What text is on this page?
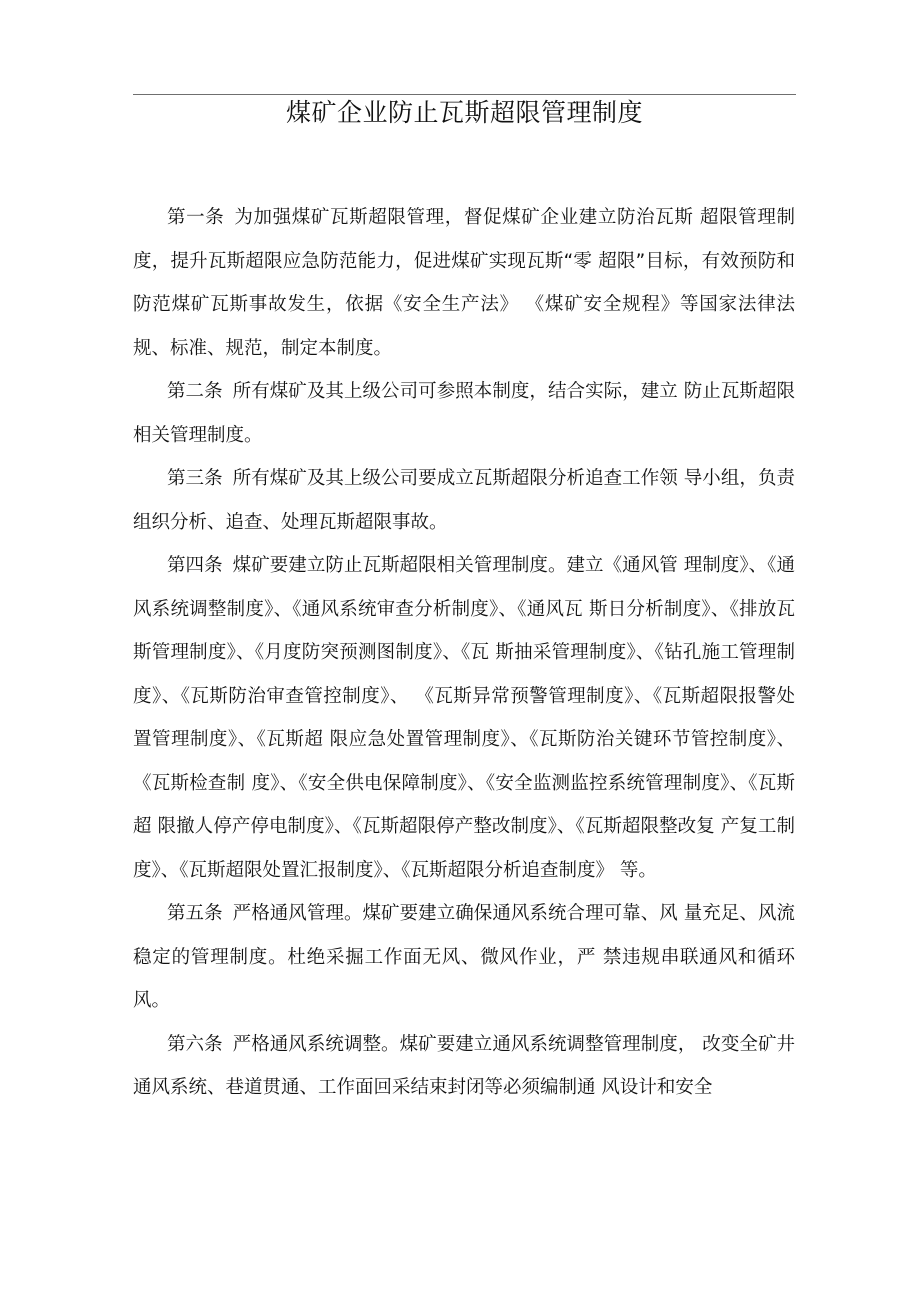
煤矿企业防止瓦斯超限管理制度

第一条 为加强煤矿瓦斯超限管理，督促煤矿企业建立防治瓦斯 超限管理制度，提升瓦斯超限应急防范能力，促进煤矿实现瓦斯“零 超限”目标，有效预防和防范煤矿瓦斯事故发生，依据《安全生产法》 《煤矿安全规程》等国家法律法规、标准、规范，制定本制度。

第二条 所有煤矿及其上级公司可参照本制度，结合实际，建立 防止瓦斯超限相关管理制度。

第三条 所有煤矿及其上级公司要成立瓦斯超限分析追查工作领 导小组，负责组织分析、追查、处理瓦斯超限事故。

第四条 煤矿要建立防止瓦斯超限相关管理制度。建立《通风管 理制度》、《通风系统调整制度》、《通风系统审查分析制度》、《通风瓦 斯日分析制度》、《排放瓦斯管理制度》、《月度防突预测图制度》、《瓦 斯抽采管理制度》、《钻孔施工管理制度》、《瓦斯防治审查管控制度》、 《瓦斯异常预警管理制度》、《瓦斯超限报警处置管理制度》、《瓦斯超 限应急处置管理制度》、《瓦斯防治关键环节管控制度》、《瓦斯检查制 度》、《安全供电保障制度》、《安全监测监控系统管理制度》、《瓦斯超 限撤人停产停电制度》、《瓦斯超限停产整改制度》、《瓦斯超限整改复 产复工制度》、《瓦斯超限处置汇报制度》、《瓦斯超限分析追查制度》 等。

第五条 严格通风管理。煤矿要建立确保通风系统合理可靠、风 量充足、风流稳定的管理制度。杜绝采掘工作面无风、微风作业，严 禁违规串联通风和循环风。

第六条 严格通风系统调整。煤矿要建立通风系统调整管理制度， 改变全矿井通风系统、巷道贯通、工作面回采结束封闭等必须编制通 风设计和安全
